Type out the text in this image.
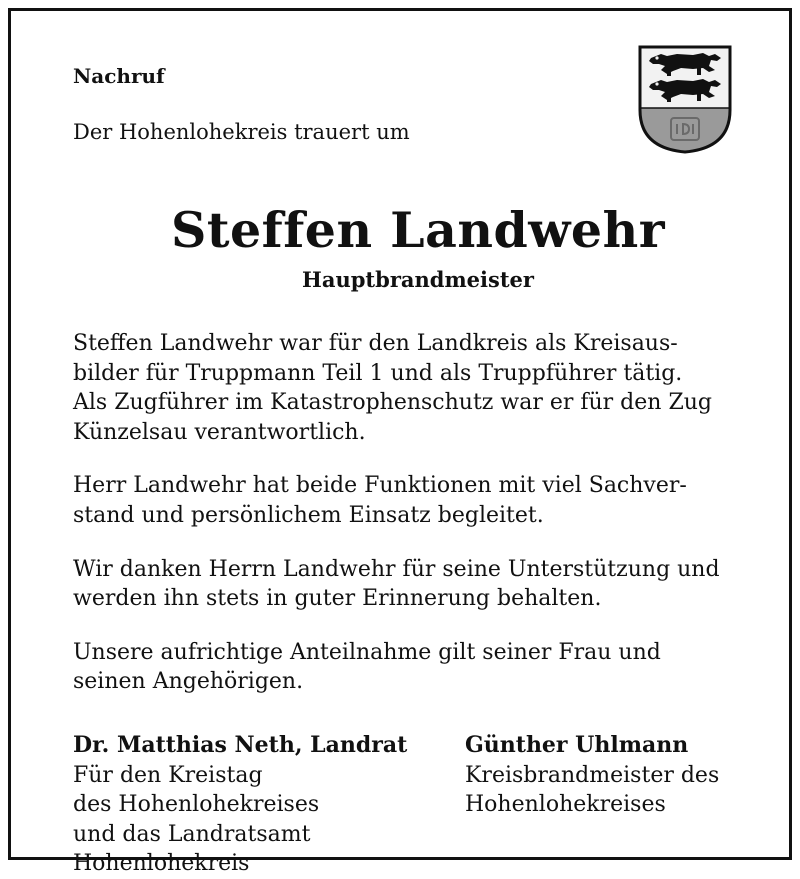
Nachruf
Der Hohenlohekreis trauert um
Steffen Landwehr
Hauptbrandmeister

Steffen Landwehr war für den Landkreis als Kreisaus-
bilder für Truppmann Teil 1 und als Truppführer tätig.
Als Zugführer im Katastrophenschutz war er für den Zug
Künzelsau verantwortlich.

Herr Landwehr hat beide Funktionen mit viel Sachver-
stand und persönlichem Einsatz begleitet.

Wir danken Herrn Landwehr für seine Unterstützung und
werden ihn stets in guter Erinnerung behalten.

Unsere aufrichtige Anteilnahme gilt seiner Frau und
seinen Angehörigen.

Dr. Matthias Neth, Landrat
Für den Kreistag
des Hohenlohekreises
und das Landratsamt
Hohenlohekreis
Günther Uhlmann
Kreisbrandmeister des
Hohenlohekreises
